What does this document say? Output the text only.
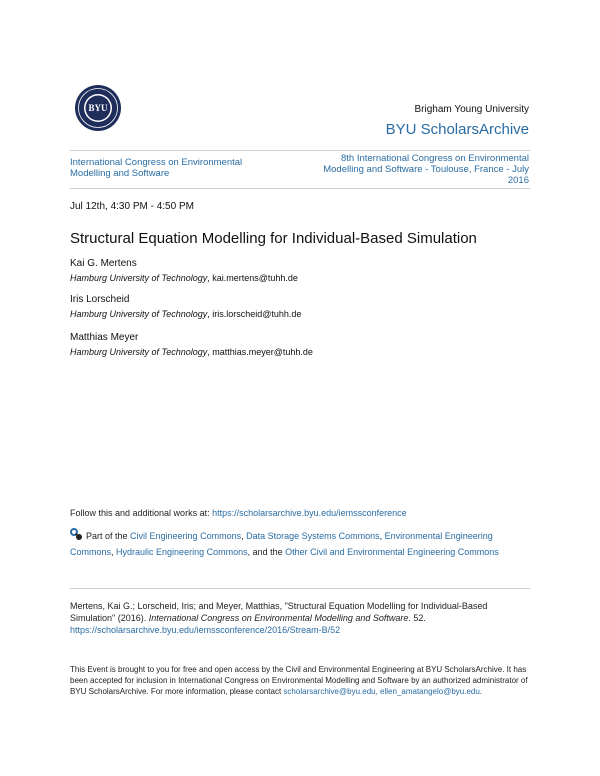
BYU	Brigham Young University
BYU ScholarsArchive
International Congress on Environmental Modelling and Software
8th International Congress on Environmental Modelling and Software - Toulouse, France - July 2016
Jul 12th, 4:30 PM - 4:50 PM
Structural Equation Modelling for Individual-Based Simulation
Kai G. Mertens
Hamburg University of Technology, kai.mertens@tuhh.de
Iris Lorscheid
Hamburg University of Technology, iris.lorscheid@tuhh.de
Matthias Meyer
Hamburg University of Technology, matthias.meyer@tuhh.de
Follow this and additional works at: https://scholarsarchive.byu.edu/iemssconference
Part of the Civil Engineering Commons, Data Storage Systems Commons, Environmental Engineering Commons, Hydraulic Engineering Commons, and the Other Civil and Environmental Engineering Commons
Mertens, Kai G.; Lorscheid, Iris; and Meyer, Matthias, "Structural Equation Modelling for Individual-Based Simulation" (2016). International Congress on Environmental Modelling and Software. 52.
https://scholarsarchive.byu.edu/iemssconference/2016/Stream-B/52
This Event is brought to you for free and open access by the Civil and Environmental Engineering at BYU ScholarsArchive. It has been accepted for inclusion in International Congress on Environmental Modelling and Software by an authorized administrator of BYU ScholarsArchive. For more information, please contact scholarsarchive@byu.edu, ellen_amatangelo@byu.edu.
